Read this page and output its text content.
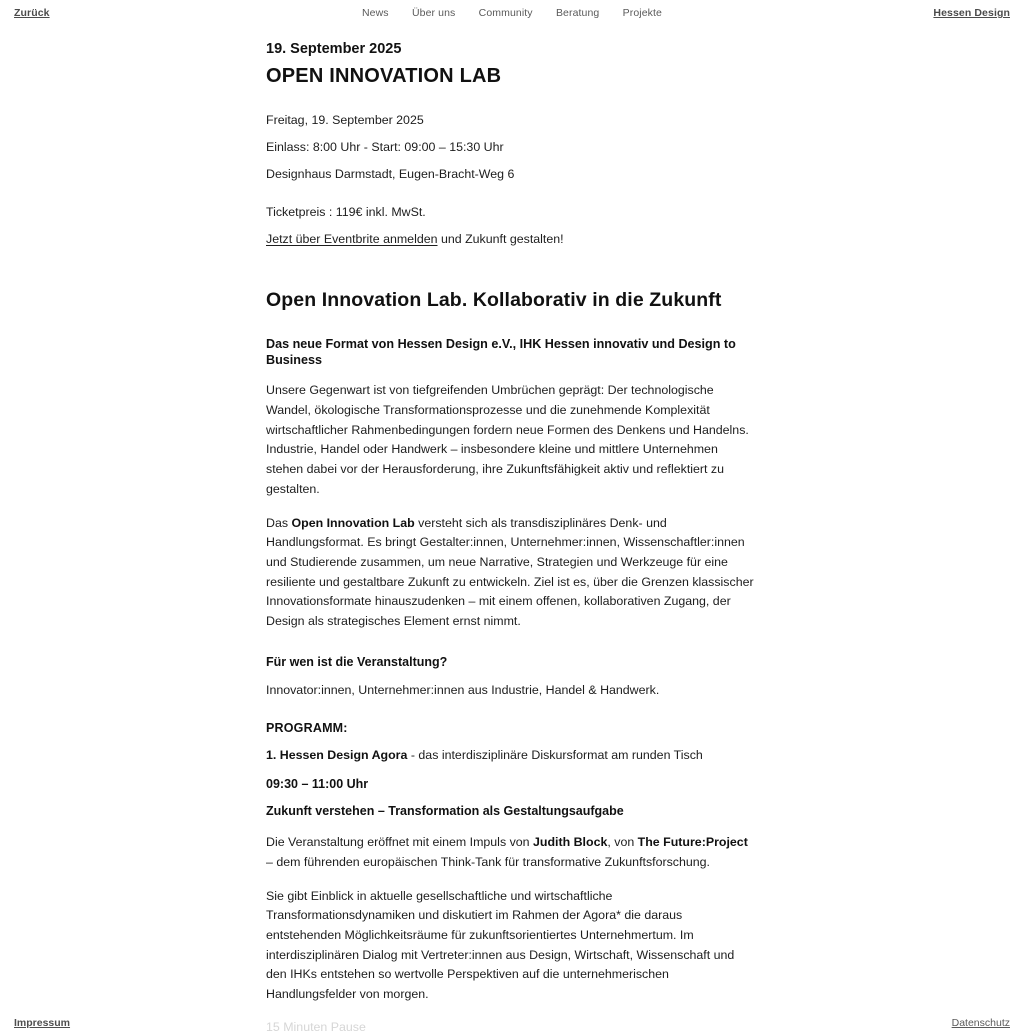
Zurück	News Über uns Community Beratung Projekte	Hessen Design

19. September 2025

OPEN INNOVATION LAB

Freitag, 19. September 2025

Einlass: 8:00 Uhr - Start: 09:00 – 15:30 Uhr

Designhaus Darmstadt, Eugen-Bracht-Weg 6

Ticketpreis : 119€ inkl. MwSt.

Jetzt über Eventbrite anmelden und Zukunft gestalten!

Open Innovation Lab. Kollaborativ in die Zukunft

Das neue Format von Hessen Design e.V., IHK Hessen innovativ und Design to Business

Unsere Gegenwart ist von tiefgreifenden Umbrüchen geprägt: Der technologische Wandel, ökologische Transformationsprozesse und die zunehmende Komplexität wirtschaftlicher Rahmenbedingungen fordern neue Formen des Denkens und Handelns. Industrie, Handel oder Handwerk – insbesondere kleine und mittlere Unternehmen stehen dabei vor der Herausforderung, ihre Zukunftsfähigkeit aktiv und reflektiert zu gestalten.

Das Open Innovation Lab versteht sich als transdisziplinäres Denk- und Handlungsformat. Es bringt Gestalter:innen, Unternehmer:innen, Wissenschaftler:innen und Studierende zusammen, um neue Narrative, Strategien und Werkzeuge für eine resiliente und gestaltbare Zukunft zu entwickeln. Ziel ist es, über die Grenzen klassischer Innovationsformate hinauszudenken – mit einem offenen, kollaborativen Zugang, der Design als strategisches Element ernst nimmt.

Für wen ist die Veranstaltung?

Innovator:innen, Unternehmer:innen aus Industrie, Handel & Handwerk.

PROGRAMM:

1. Hessen Design Agora - das interdisziplinäre Diskursformat am runden Tisch

09:30 – 11:00 Uhr

Zukunft verstehen – Transformation als Gestaltungsaufgabe

Die Veranstaltung eröffnet mit einem Impuls von Judith Block, von The Future:Project – dem führenden europäischen Think-Tank für transformative Zukunftsforschung.

Sie gibt Einblick in aktuelle gesellschaftliche und wirtschaftliche Transformationsdynamiken und diskutiert im Rahmen der Agora* die daraus entstehenden Möglichkeitsräume für zukunftsorientiertes Unternehmertum. Im interdisziplinären Dialog mit Vertreter:innen aus Design, Wirtschaft, Wissenschaft und den IHKs entstehen so wertvolle Perspektiven auf die unternehmerischen Handlungsfelder von morgen.

15 Minuten Pause

Impressum	Datenschutz
